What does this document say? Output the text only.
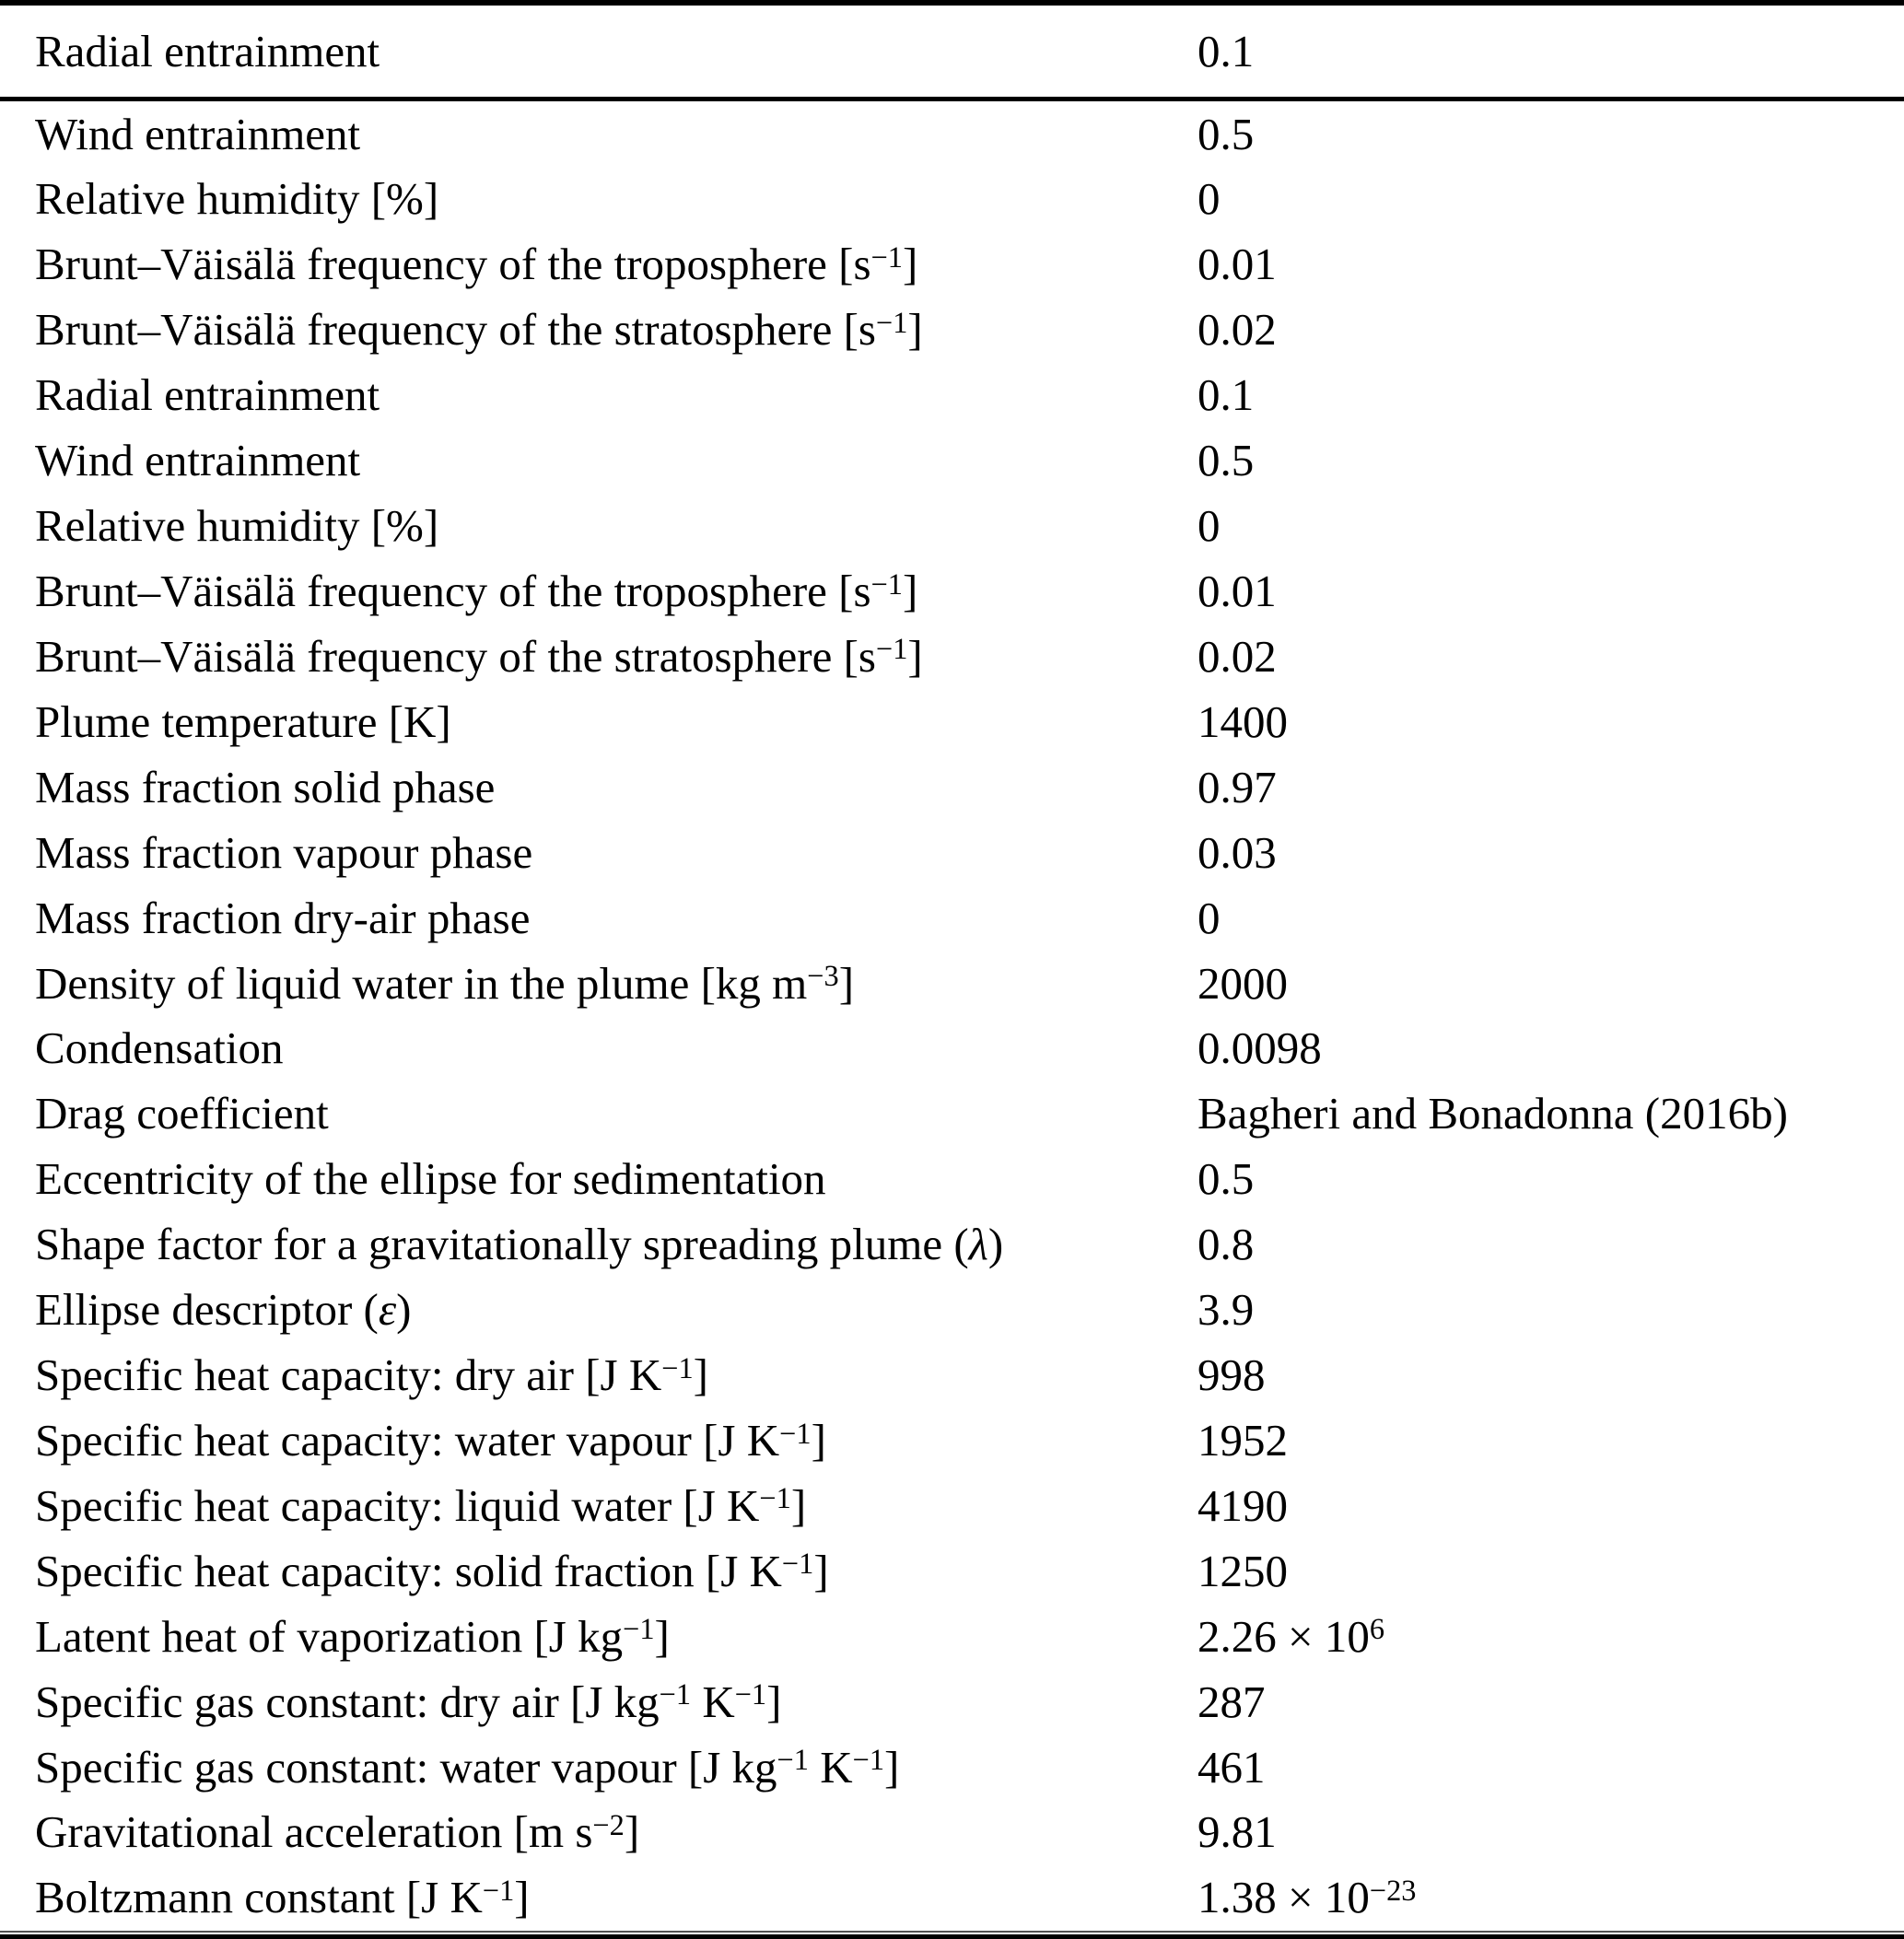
Radial entrainment	0.1
Wind entrainment	0.5
Relative humidity [%]	0
Brunt–Väisälä frequency of the troposphere $[s^{-1}]$	0.01
Brunt–Väisälä frequency of the stratosphere $[s^{-1}]$	0.02
Radial entrainment	0.1
Wind entrainment	0.5
Relative humidity [%]	0
Brunt–Väisälä frequency of the troposphere $[s^{-1}]$	0.01
Brunt–Väisälä frequency of the stratosphere $[s^{-1}]$	0.02
Plume temperature [K]	1400
Mass fraction solid phase	0.97
Mass fraction vapour phase	0.03
Mass fraction dry-air phase	0
Density of liquid water in the plume [kg $m^{-3}$]	2000
Condensation	0.0098
Drag coefficient	Bagheri and Bonadonna (2016b)
Eccentricity of the ellipse for sedimentation	0.5
Shape factor for a gravitationally spreading plume (λ)	0.8
Ellipse descriptor (ε)	3.9
Specific heat capacity: dry air [J $K^{-1}$]	998
Specific heat capacity: water vapour [J $K^{-1}$]	1952
Specific heat capacity: liquid water [J $K^{-1}$]	4190
Specific heat capacity: solid fraction [J $K^{-1}$]	1250
Latent heat of vaporization [J $kg^{-1}$]	$2.26 \times 10^6$
Specific gas constant: dry air [J $kg^{-1}$ $K^{-1}$]	287
Specific gas constant: water vapour [J $kg^{-1}$ $K^{-1}$]	461
Gravitational acceleration [m $s^{-2}$]	9.81
Boltzmann constant [J $K^{-1}$]	$1.38 \times 10^{-23}$
